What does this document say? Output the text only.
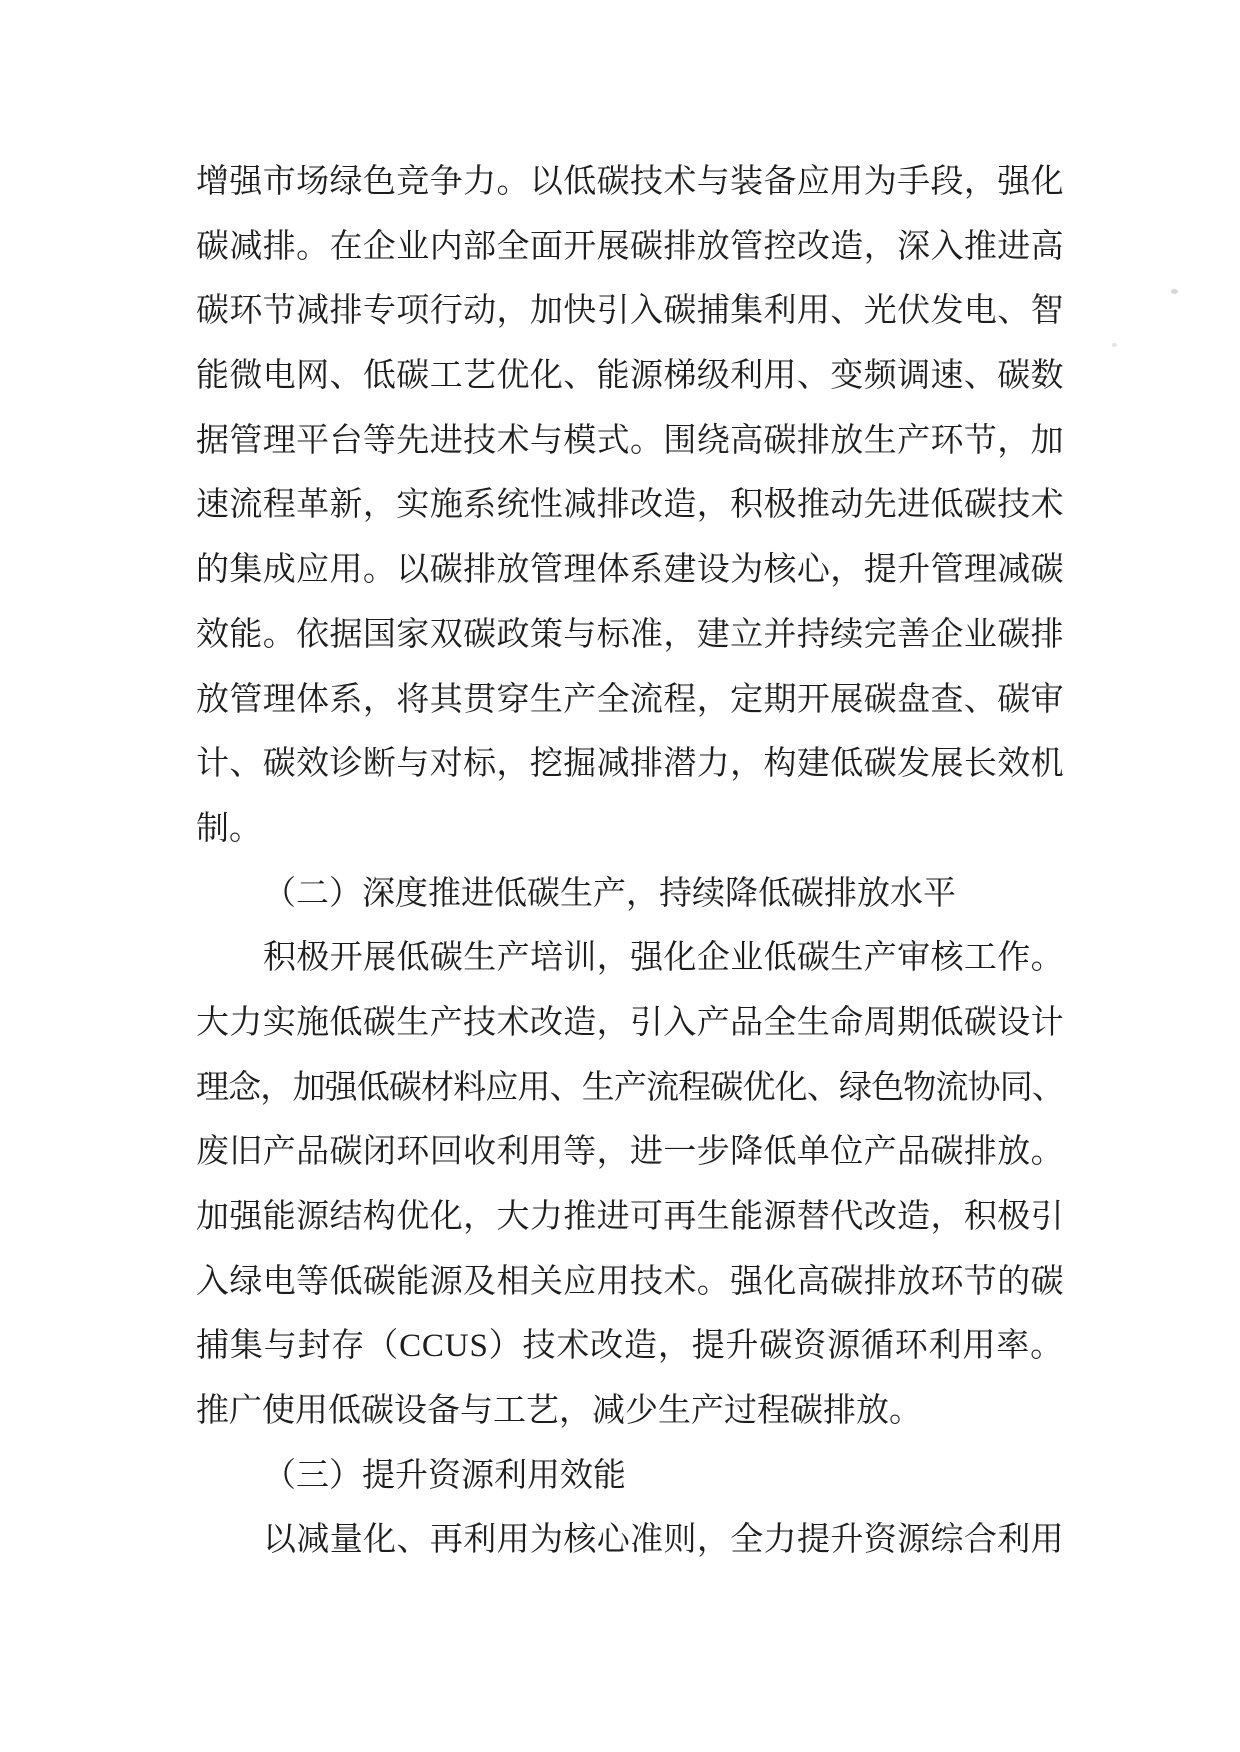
增强市场绿色竞争力。以低碳技术与装备应用为手段，强化
碳减排。在企业内部全面开展碳排放管控改造，深入推进高
碳环节减排专项行动，加快引入碳捕集利用、光伏发电、智
能微电网、低碳工艺优化、能源梯级利用、变频调速、碳数
据管理平台等先进技术与模式。围绕高碳排放生产环节，加
速流程革新，实施系统性减排改造，积极推动先进低碳技术
的集成应用。以碳排放管理体系建设为核心，提升管理减碳
效能。依据国家双碳政策与标准，建立并持续完善企业碳排
放管理体系，将其贯穿生产全流程，定期开展碳盘查、碳审
计、碳效诊断与对标，挖掘减排潜力，构建低碳发展长效机
制。
（二）深度推进低碳生产，持续降低碳排放水平
积极开展低碳生产培训，强化企业低碳生产审核工作。
大力实施低碳生产技术改造，引入产品全生命周期低碳设计
理念，加强低碳材料应用、生产流程碳优化、绿色物流协同、
废旧产品碳闭环回收利用等，进一步降低单位产品碳排放。
加强能源结构优化，大力推进可再生能源替代改造，积极引
入绿电等低碳能源及相关应用技术。强化高碳排放环节的碳
捕集与封存（CCUS）技术改造，提升碳资源循环利用率。
推广使用低碳设备与工艺，减少生产过程碳排放。
（三）提升资源利用效能
以减量化、再利用为核心准则，全力提升资源综合利用
